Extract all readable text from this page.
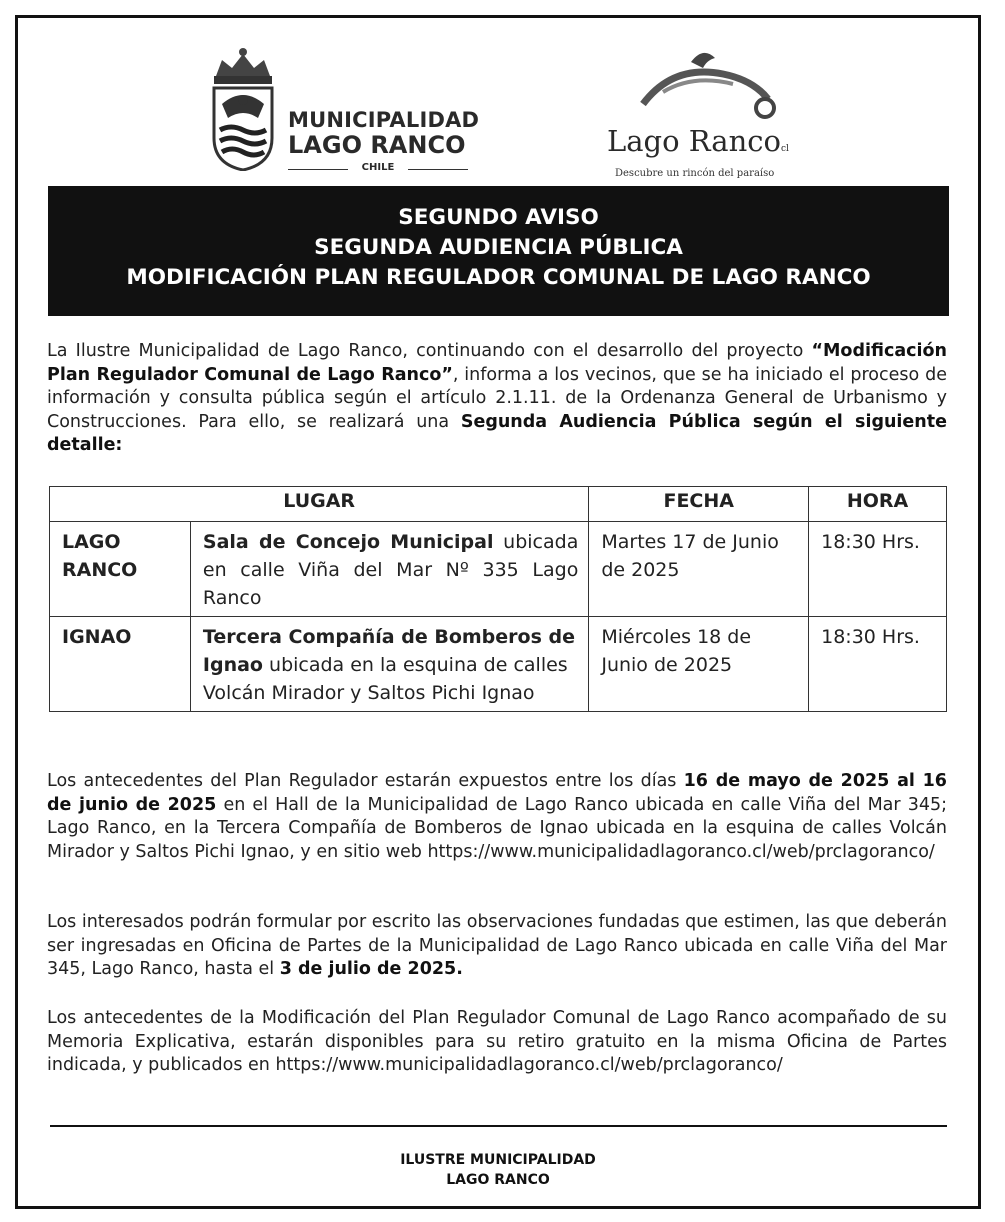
MUNICIPALIDAD
LAGO RANCO
CHILE
Lago Rancocl
Descubre un rincón del paraíso
SEGUNDO AVISO
SEGUNDA AUDIENCIA PÚBLICA
MODIFICACIÓN PLAN REGULADOR COMUNAL DE LAGO RANCO
La Ilustre Municipalidad de Lago Ranco, continuando con el desarrollo del proyecto “Modificación Plan Regulador Comunal de Lago Ranco”, informa a los vecinos, que se ha iniciado el proceso de información y consulta pública según el artículo 2.1.11. de la Ordenanza General de Urbanismo y Construcciones. Para ello, se realizará una Segunda Audiencia Pública según el siguiente detalle:
LUGAR		FECHA	HORA
LAGO RANCO	Sala de Concejo Municipal ubicada en calle Viña del Mar Nº 335 Lago Ranco	Martes 17 de Junio de 2025	18:30 Hrs.
IGNAO	Tercera Compañía de Bomberos de Ignao ubicada en la esquina de calles Volcán Mirador y Saltos Pichi Ignao	Miércoles 18 de Junio de 2025	18:30 Hrs.
Los antecedentes del Plan Regulador estarán expuestos entre los días 16 de mayo de 2025 al 16 de junio de 2025 en el Hall de la Municipalidad de Lago Ranco ubicada en calle Viña del Mar 345; Lago Ranco, en la Tercera Compañía de Bomberos de Ignao ubicada en la esquina de calles Volcán Mirador y Saltos Pichi Ignao, y en sitio web https://www.municipalidadlagoranco.cl/web/prclagoranco/
Los interesados podrán formular por escrito las observaciones fundadas que estimen, las que deberán ser ingresadas en Oficina de Partes de la Municipalidad de Lago Ranco ubicada en calle Viña del Mar 345, Lago Ranco, hasta el 3 de julio de 2025.
Los antecedentes de la Modificación del Plan Regulador Comunal de Lago Ranco acompañado de su Memoria Explicativa, estarán disponibles para su retiro gratuito en la misma Oficina de Partes indicada, y publicados en https://www.municipalidadlagoranco.cl/web/prclagoranco/
ILUSTRE MUNICIPALIDAD
LAGO RANCO
